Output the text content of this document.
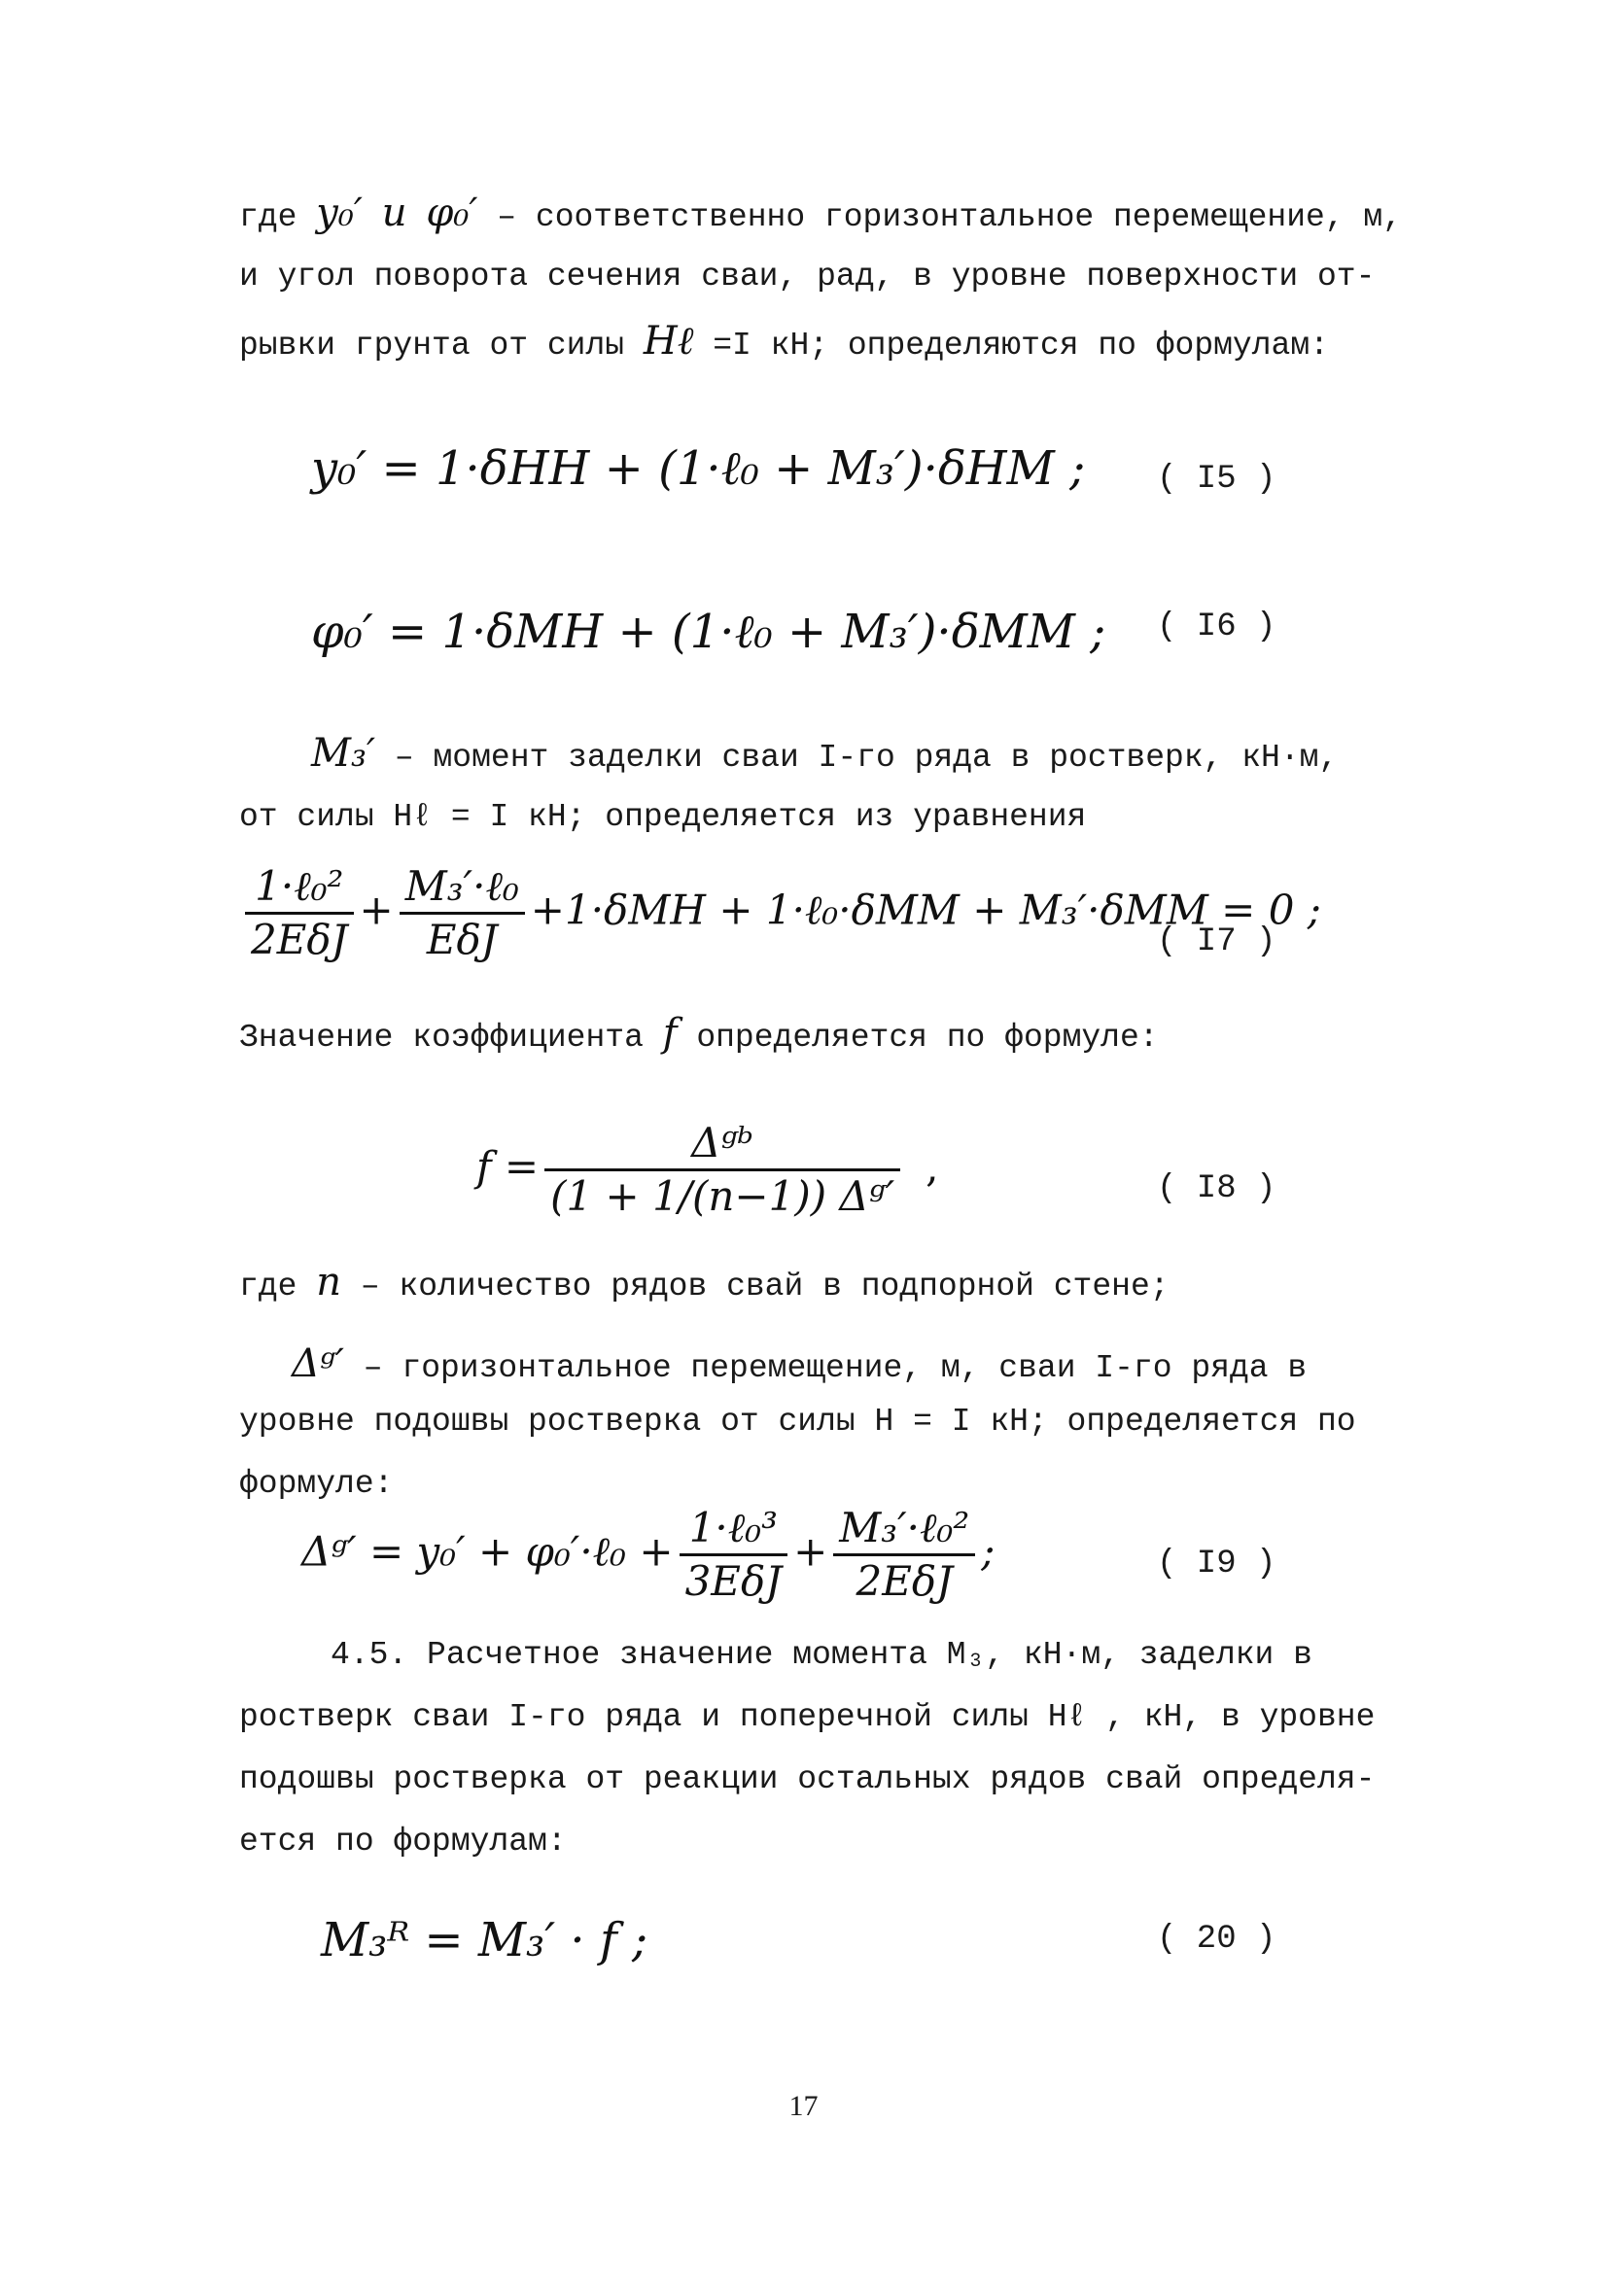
где y₀′ и φ₀′ – соответственно горизонтальное перемещение, м,
и угол поворота сечения сваи, рад, в уровне поверхности от-
рывки грунта от силы Hℓ =I кН; определяются по формулам:
y₀′ = 1·δHH + (1·ℓ₀ + M₃′)·δHM ; ( I5 )
φ₀′ = 1·δMH + (1·ℓ₀ + M₃′)·δMM ; ( I6 )
M₃′ – момент заделки сваи I-го ряда в ростверк, кН·м,
от силы Hℓ = I кН; определяется из уравнения
$\frac{\text{1·ℓ₀²}}{\text{2EδJ}} + \frac{\text{M₃′·ℓ₀}}{\text{EδJ}} +1\cdot\delta MH$ + 1·ℓ₀·δMM + M₃′·δMM = 0 ;
( I7 )
Значение коэффициента f определяется по формуле:
$f = \frac{\text{Δᵍᵇ}}{\text{(1 + 1/(n−1)) Δᵍ′}}$ ,	( I8 )
где n – количество рядов свай в подпорной стене;
Δᵍ′ – горизонтальное перемещение, м, сваи I-го ряда в
уровне подошвы ростверка от силы H = I кН; определяется по
формуле:
Δᵍ′ = y₀′ + φ₀′·ℓ₀ + $\frac{\text{1·ℓ₀³}}{\text{3EδJ}} + \frac{\text{M₃′·ℓ₀²}}{\text{2EδJ}}$ ;	( I9 )
4.5. Расчетное значение момента M₃, кН·м, заделки в
ростверк сваи I-го ряда и поперечной силы Hℓ , кН, в уровне
подошвы ростверка от реакции остальных рядов свай определя-
ется по формулам:
M₃ᴿ = M₃′ · f ;	( 20 )
17
